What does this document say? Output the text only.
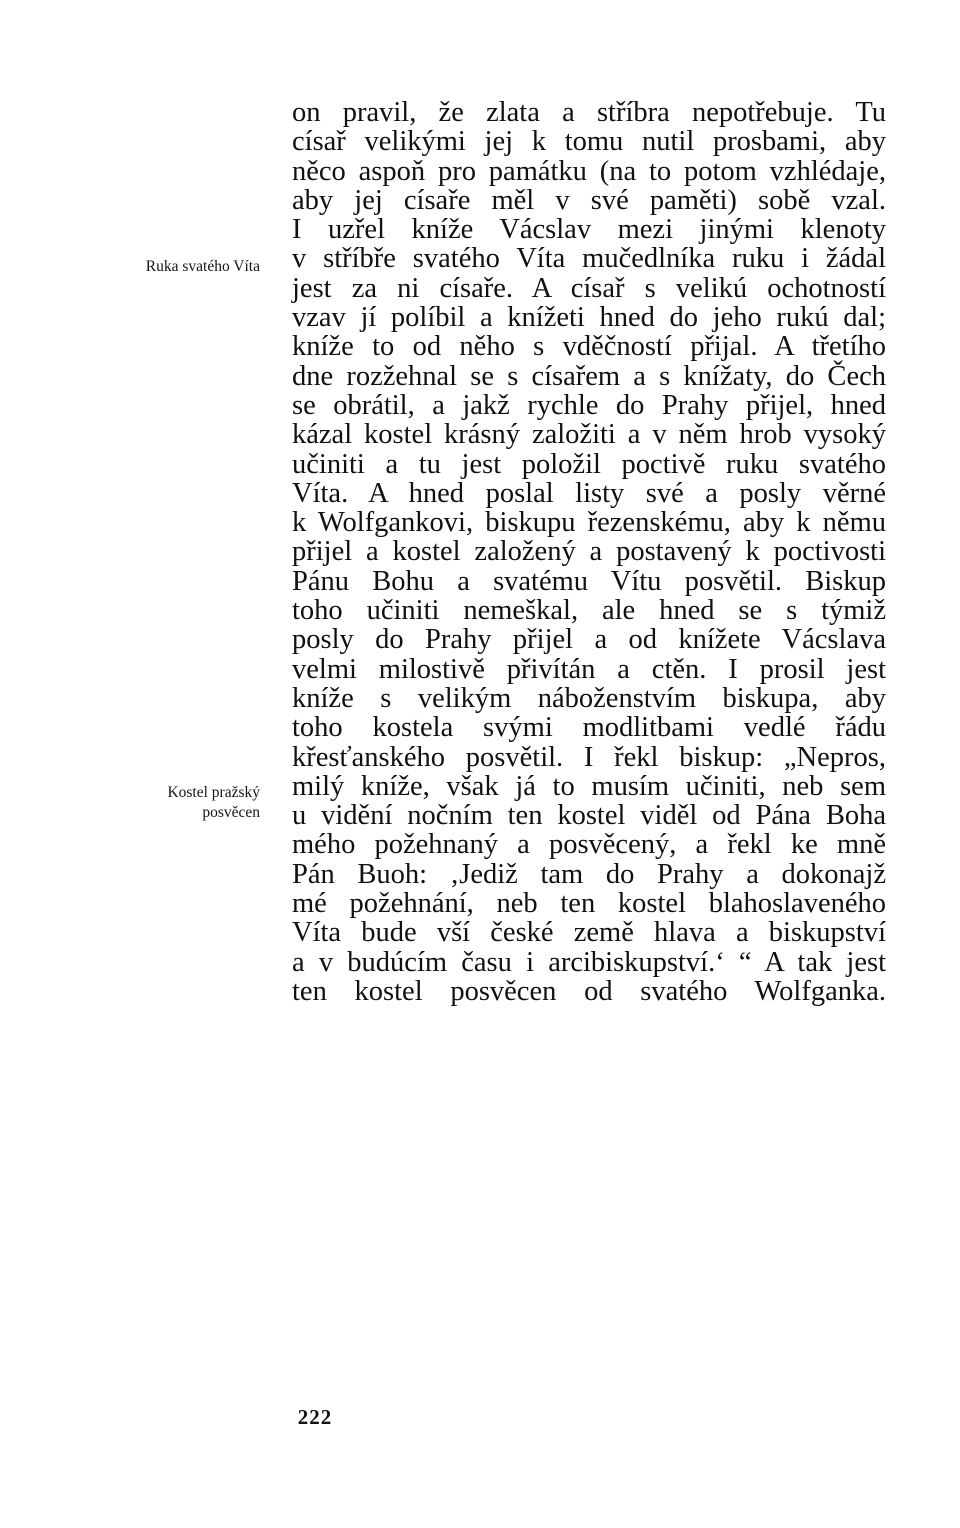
Ruka svatého Víta
Kostel pražský
posvěcen
on pravil, že zlata a stříbra nepotřebuje. Tu
císař velikými jej k tomu nutil prosbami, aby
něco aspoň pro památku (na to potom vzhlédaje,
aby jej císaře měl v své paměti) sobě vzal.
I uzřel kníže Vácslav mezi jinými klenoty
v stříbře svatého Víta mučedlníka ruku i žádal
jest za ni císaře. A císař s velikú ochotností
vzav jí políbil a knížeti hned do jeho rukú dal;
kníže to od něho s vděčností přijal. A třetího
dne rozžehnal se s císařem a s knížaty, do Čech
se obrátil, a jakž rychle do Prahy přijel, hned
kázal kostel krásný založiti a v něm hrob vysoký
učiniti a tu jest položil poctivě ruku svatého
Víta. A hned poslal listy své a posly věrné
k Wolfgankovi, biskupu řezenskému, aby k němu
přijel a kostel založený a postavený k poctivosti
Pánu Bohu a svatému Vítu posvětil. Biskup
toho učiniti nemeškal, ale hned se s týmiž
posly do Prahy přijel a od knížete Vácslava
velmi milostivě přivítán a ctěn. I prosil jest
kníže s velikým náboženstvím biskupa, aby
toho kostela svými modlitbami vedlé řádu
křesťanského posvětil. I řekl biskup: „Nepros,
milý kníže, však já to musím učiniti, neb sem
u vidění nočním ten kostel viděl od Pána Boha
mého požehnaný a posvěcený, a řekl ke mně
Pán Buoh: ‚Jediž tam do Prahy a dokonajž
mé požehnání, neb ten kostel blahoslaveného
Víta bude vší české země hlava a biskupství
a v budúcím času i arcibiskupství.‘ “ A tak jest
ten kostel posvěcen od svatého Wolfganka.
222
